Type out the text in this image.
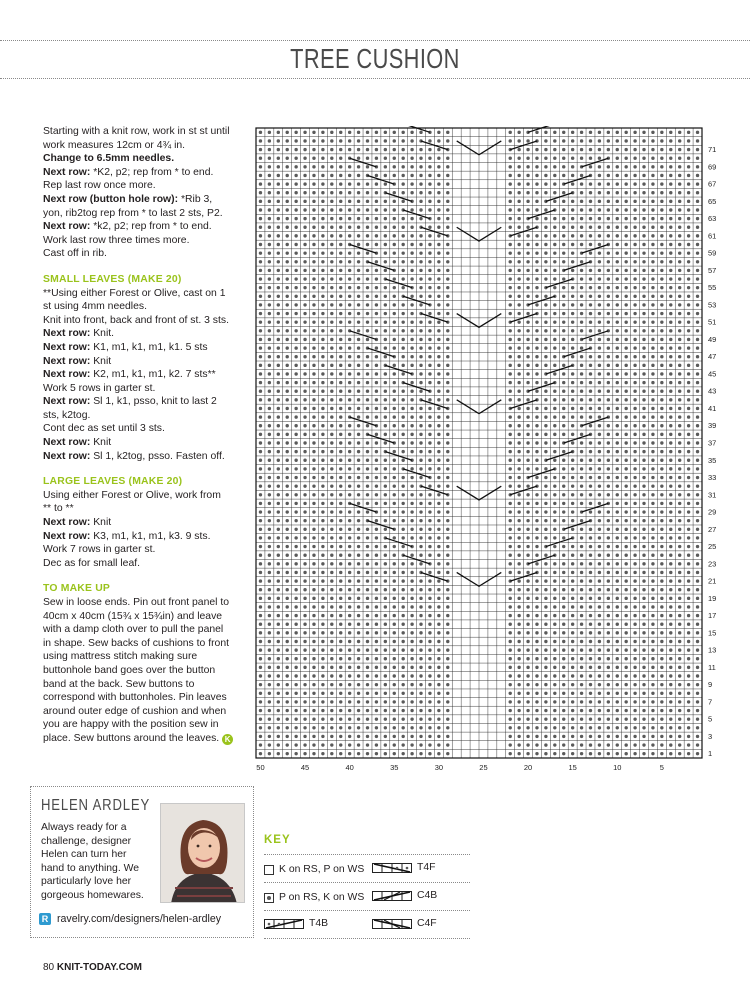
TREE CUSHION

Starting with a knit row, work in st st until

work measures 12cm or 4¾ in.

Change to 6.5mm needles.

Next row: *K2, p2; rep from * to end.

Rep last row once more.

Next row (button hole row): *Rib 3,

yon, rib2tog rep from * to last 2 sts, P2.

Next row: *k2, p2; rep from * to end.

Work last row three times more.

Cast off in rib.

SMALL LEAVES (MAKE 20)

**Using either Forest or Olive, cast on 1

st using 4mm needles.

Knit into front, back and front of st. 3 sts.

Next row: Knit.

Next row: K1, m1, k1, m1, k1. 5 sts

Next row: Knit

Next row: K2, m1, k1, m1, k2. 7 sts**

Work 5 rows in garter st.

Next row: Sl 1, k1, psso, knit to last 2

sts, k2tog.

Cont dec as set until 3 sts.

Next row: Knit

Next row: Sl 1, k2tog, psso. Fasten off.

LARGE LEAVES (MAKE 20)

Using either Forest or Olive, work from

** to **

Next row: Knit

Next row: K3, m1, k1, m1, k3. 9 sts.

Work 7 rows in garter st.

Dec as for small leaf.

TO MAKE UP

Sew in loose ends. Pin out front panel to

40cm x 40cm (15¾ x 15¾in) and leave

with a damp cloth over to pull the panel

in shape. Sew backs of cushions to front

using mattress stitch making sure

buttonhole band goes over the button

band at the back. Sew buttons to

correspond with buttonholes. Pin leaves

around outer edge of cushion and when

you are happy with the position sew in

place. Sew buttons around the leaves. K

1
3
5
7
9
11
13
15
17
19
21
23
25
27
29
31
33
35
37
39
41
43
45
47
49
51
53
55
57
59
61
63
65
67
69
71
50	45	40	35	30	25	20	15	10	5
HELEN ARDLEY
Always ready for a
challenge, designer
Helen can turn her
hand to anything. We
particularly love her
gorgeous homewares.
R ravelry.com/designers/helen-ardley
KEY
K on RS, P on WS	T4F
P on RS, K on WS	C4B
T4B	C4F
80 KNIT-TODAY.COM
